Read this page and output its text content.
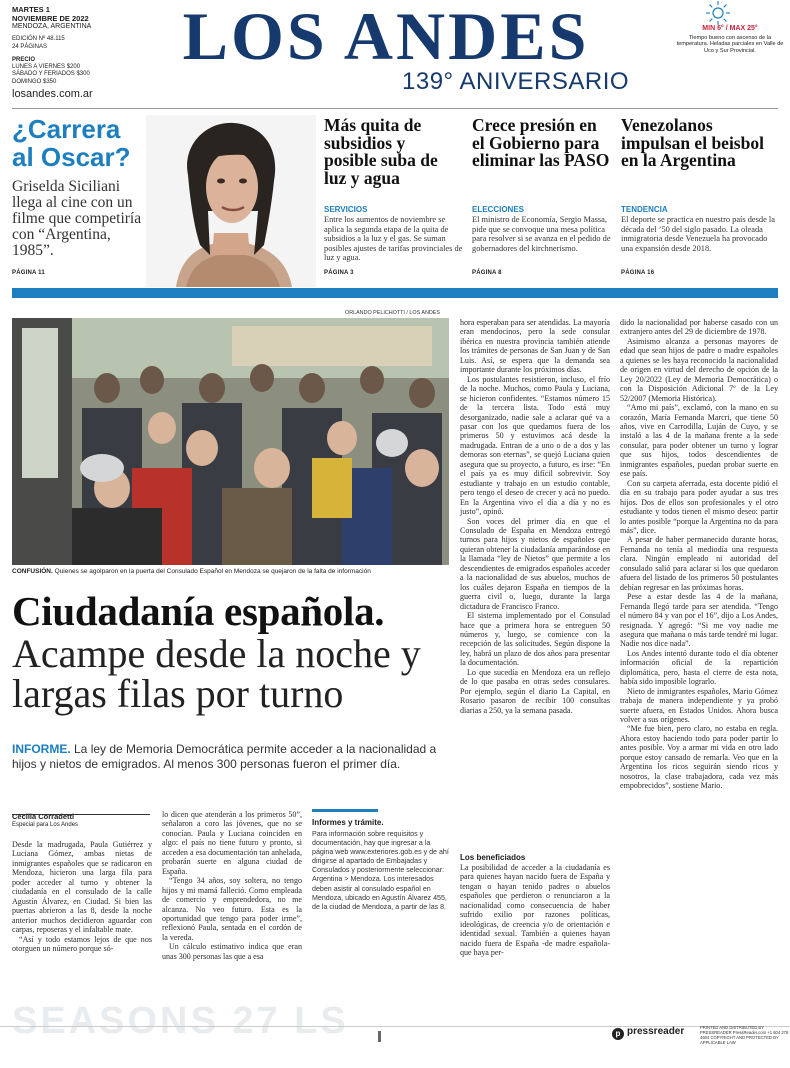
MARTES 1
NOVIEMBRE DE 2022
MENDOZA, ARGENTINA
EDICIÓN Nº 48.115
24 PÁGINAS
PRECIO
LUNES A VIERNES $200
SÁBADO Y FERIADOS $300
DOMINGO $350
LOS ANDES
139° ANIVERSARIO
losandes.com.ar
MIN 6° / MAX 25°
Tiempo bueno con ascenso de la temperatura. Heladas parciales en Valle de Uco y Sur Provincial.
¿Carrera al Oscar?
Griselda Siciliani llega al cine con un filme que competiría con “Argentina, 1985”.
PÁGINA 11
Más quita de subsidios y posible suba de luz y agua
SERVICIOS
Entre los aumentos de noviembre se aplica la segunda etapa de la quita de subsidios a la luz y el gas. Se suman posibles ajustes de tarifas provinciales de luz y agua.
PÁGINA 3
Crece presión en el Gobierno para eliminar las PASO
ELECCIONES
El ministro de Economía, Sergio Massa, pide que se convoque una mesa política para resolver si se avanza en el pedido de gobernadores del kirchnerismo.
PÁGINA 8
Venezolanos impulsan el beisbol en la Argentina
TENDENCIA
El deporte se practica en nuestro país desde la década del ’50 del siglo pasado. La oleada inmigratoria desde Venezuela ha provocado una expansión desde 2018.
PÁGINA 16
ORLANDO PELICHOTTI / LOS ANDES
CONFUSIÓN. Quienes se agolparon en la puerta del Consulado Español en Mendoza se quejaron de la falta de información
Ciudadanía española.
Acampe desde la noche y largas filas por turno
INFORME. La ley de Memoria Democrática permite acceder a la nacionalidad a hijos y nietos de emigrados. Al menos 300 personas fueron el primer día.
Cecilia Corradetti
Especial para Los Andes

Desde la madrugada, Paula Gutiérrez y Luciana Gómez, ambas nietas de inmigrantes españoles que se radicaron en Mendoza, hicieron una larga fila para poder acceder al turno y obtener la ciudadanía en el consulado de la calle Agustín Álvarez, en Ciudad. Si bien las puertas abrieron a las 8, desde la noche anterior muchos decidieron aguardar con carpas, reposeras y el infaltable mate.

“Así y todo estamos lejos de que nos otorguen un número porque só-

lo dicen que atenderán a los primeros 50”, señalaron a coro las jóvenes, que no se conocían. Paula y Luciana coinciden en algo: el país no tiene futuro y pronto, si acceden a esa documentación tan anhelada, probarán suerte en alguna ciudad de España.

“Tengo 34 años, soy soltera, no tengo hijos y mi mamá falleció. Como empleada de comercio y emprendedora, no me alcanza. No veo futuro. Esta es la oportunidad que tengo para poder irme”, reflexionó Paula, sentada en el cordón de la vereda.

Un cálculo estimativo indica que eran unas 300 personas las que a esa

Informes y trámite.
Para información sobre requisitos y documentación, hay que ingresar a la página web www.exteriores.gob.es y de ahí dirigirse al apartado de Embajadas y Consulados y posteriormente seleccionar: Argentina > Mendoza. Los interesados deben asistir al consulado español en Mendoza, ubicado en Agustín Álvarez 455, de la ciudad de Mendoza, a partir de las 8.
SEASONS 27 LS

hora esperaban para ser atendidas. La mayoría eran mendocinos, pero la sede consular ibérica en nuestra provincia también atiende los trámites de personas de San Juan y de San Luis. Así, se espera que la demanda sea importante durante los próximos días.

Los postulantes resistieron, incluso, el frío de la noche. Muchos, como Paula y Luciana, se hicieron confidentes. “Estamos número 15 de la tercera lista. Todo está muy desorganizado, nadie sale a aclarar qué va a pasar con los que quedamos fuera de los primeros 50 y estuvimos acá desde la madrugada. Entran de a uno o de a dos y las demoras son eternas”, se quejó Luciana quien asegura que su proyecto, a futuro, es irse: “En el país ya es muy difícil sobrevivir. Soy estudiante y trabajo en un estudio contable, pero tengo el deseo de crecer y acá no puedo. En la Argentina vivo el día a día y no es justo”, opinó.

Son voces del primer día en que el Consulado de España en Mendoza entregó turnos para hijos y nietos de españoles que quieran obtener la ciudadanía amparándose en la llamada “ley de Nietos” que permite a los descendientes de emigrados españoles acceder a la nacionalidad de sus abuelos, muchos de los cuáles dejaron España en tiempos de la guerra civil o, luego, durante la larga dictadura de Francisco Franco.

El sistema implementado por el Consulad hace que a primera hora se entreguen 50 números y, luego, se comience con la recepción de las solicitudes. Según dispone la ley, habrá un plazo de dos años para presentar la documentación.

Lo que sucedía en Mendoza era un reflejo de lo que pasaba en otras sedes consulares. Por ejemplo, según el diario La Capital, en Rosario pasaron de recibir 100 consultas diarias a 250, ya la semana pasada.

Los beneficiados

La posibilidad de acceder a la ciudadanía es para quienes hayan nacido fuera de España y tengan o hayan tenido padres o abuelos españoles que perdieron o renunciaron a la nacionalidad como consecuencia de haber sufrido exilio por razones políticas, ideológicas, de creencia y/o de orientación e identidad sexual. También a quienes hayan nacido fuera de España -de madre española- que haya per-

dido la nacionalidad por haberse casado con un extranjero antes del 29 de diciembre de 1978.

Asimismo alcanza a personas mayores de edad que sean hijos de padre o madre españoles a quienes se les haya reconocido la nacionalidad de origen en virtud del derecho de opción de la Ley 20/2022 (Ley de Memoria Democrática) o con la Disposición Adicional 7º de la Ley 52/2007 (Memoria Histórica).

“Amo mi país”, exclamó, con la mano en su corazón, María Fernanda Marcri, que tiene 50 años, vive en Carrodilla, Luján de Cuyo, y se instaló a las 4 de la mañana frente a la sede consular, para poder obtener un turno y lograr que sus hijos, todos descendientes de inmigrantes españoles, puedan probar suerte en ese país.

Con su carpeta aferrada, esta docente pidió el día en su trabajo para poder ayudar a sus tres hijos. Dos de ellos son profesionales y el otro estudiante y todos tienen el mismo deseo: partir lo antes posible “porque la Argentina no da para más”, dice.

A pesar de haber permanecido durante horas, Fernanda no tenía al mediodía una respuesta clara. Ningún empleado ni autoridad del consulado salió para aclarar si los que quedaron afuera del listado de los primeros 50 postulantes debían regresar en las próximas horas.

Pese a estar desde las 4 de la mañana, Fernanda llegó tarde para ser atendida. “Tengo el número 84 y van por el 16”, dijo a Los Andes, resignada. Y agregó: “Si me voy nadie me asegura que mañana o más tarde tendré mi lugar. Nadie nos dice nada”.

Los Andes intentó durante todo el día obtener información oficial de la repartición diplomática, pero, hasta el cierre de esta nota, había sido imposible lograrlo.

Nieto de inmigrantes españoles, Mario Gómez trabaja de manera independiente y ya probó suerte afuera, en Estados Unidos. Ahora busca volver a sus orígenes.

“Me fue bien, pero claro, no estaba en regla. Ahora estoy haciendo todo para poder partir lo antes posible. Voy a armar mi vida en otro lado porque estoy cansado de remarla. Veo que en la Argentina los ricos seguirán siendo ricos y nosotros, la clase trabajadora, cada vez más empobrecidos”, sostiene Mario.

p pressreader	PRINTED AND DISTRIBUTED BY PRESSREADER PressReader.com +1 604 278 4604 COPYRIGHT AND PROTECTED BY APPLICABLE LAW
